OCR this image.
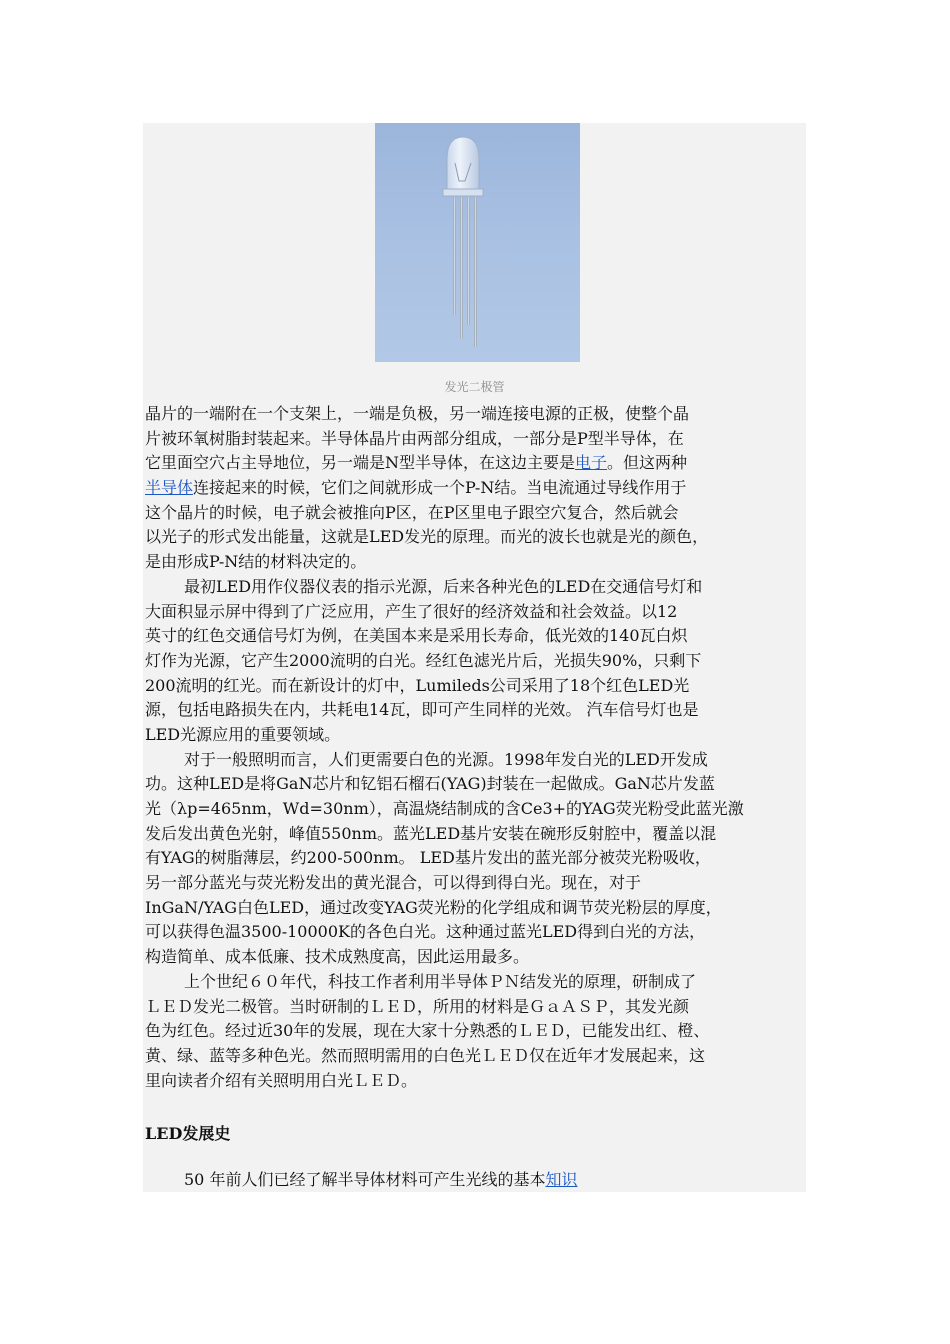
发光二极管
晶片的一端附在一个支架上，一端是负极，另一端连接电源的正极，使整个晶
片被环氧树脂封装起来。半导体晶片由两部分组成，一部分是P型半导体，在
它里面空穴占主导地位，另一端是N型半导体，在这边主要是电子。但这两种
半导体连接起来的时候，它们之间就形成一个P-N结。当电流通过导线作用于
这个晶片的时候，电子就会被推向P区，在P区里电子跟空穴复合，然后就会
以光子的形式发出能量，这就是LED发光的原理。而光的波长也就是光的颜色，
是由形成P-N结的材料决定的。
最初LED用作仪器仪表的指示光源，后来各种光色的LED在交通信号灯和
大面积显示屏中得到了广泛应用，产生了很好的经济效益和社会效益。以12
英寸的红色交通信号灯为例，在美国本来是采用长寿命，低光效的140瓦白炽
灯作为光源，它产生2000流明的白光。经红色滤光片后，光损失90%，只剩下
200流明的红光。而在新设计的灯中，Lumileds公司采用了18个红色LED光
源，包括电路损失在内，共耗电14瓦，即可产生同样的光效。 汽车信号灯也是
LED光源应用的重要领域。
对于一般照明而言，人们更需要白色的光源。1998年发白光的LED开发成
功。这种LED是将GaN芯片和钇铝石榴石(YAG)封装在一起做成。GaN芯片发蓝
光（λp=465nm，Wd=30nm），高温烧结制成的含Ce3+的YAG荧光粉受此蓝光激
发后发出黄色光射，峰值550nm。蓝光LED基片安装在碗形反射腔中，覆盖以混
有YAG的树脂薄层，约200-500nm。 LED基片发出的蓝光部分被荧光粉吸收，
另一部分蓝光与荧光粉发出的黄光混合，可以得到得白光。现在，对于
InGaN/YAG白色LED，通过改变YAG荧光粉的化学组成和调节荧光粉层的厚度，
可以获得色温3500-10000K的各色白光。这种通过蓝光LED得到白光的方法，
构造简单、成本低廉、技术成熟度高，因此运用最多。
上个世纪６０年代，科技工作者利用半导体ＰＮ结发光的原理，研制成了
ＬＥＤ发光二极管。当时研制的ＬＥＤ，所用的材料是ＧａＡＳＰ，其发光颜
色为红色。经过近30年的发展，现在大家十分熟悉的ＬＥＤ，已能发出红、橙、
黄、绿、蓝等多种色光。然而照明需用的白色光ＬＥＤ仅在近年才发展起来，这
里向读者介绍有关照明用白光ＬＥＤ。
LED发展史
50 年前人们已经了解半导体材料可产生光线的基本知识
